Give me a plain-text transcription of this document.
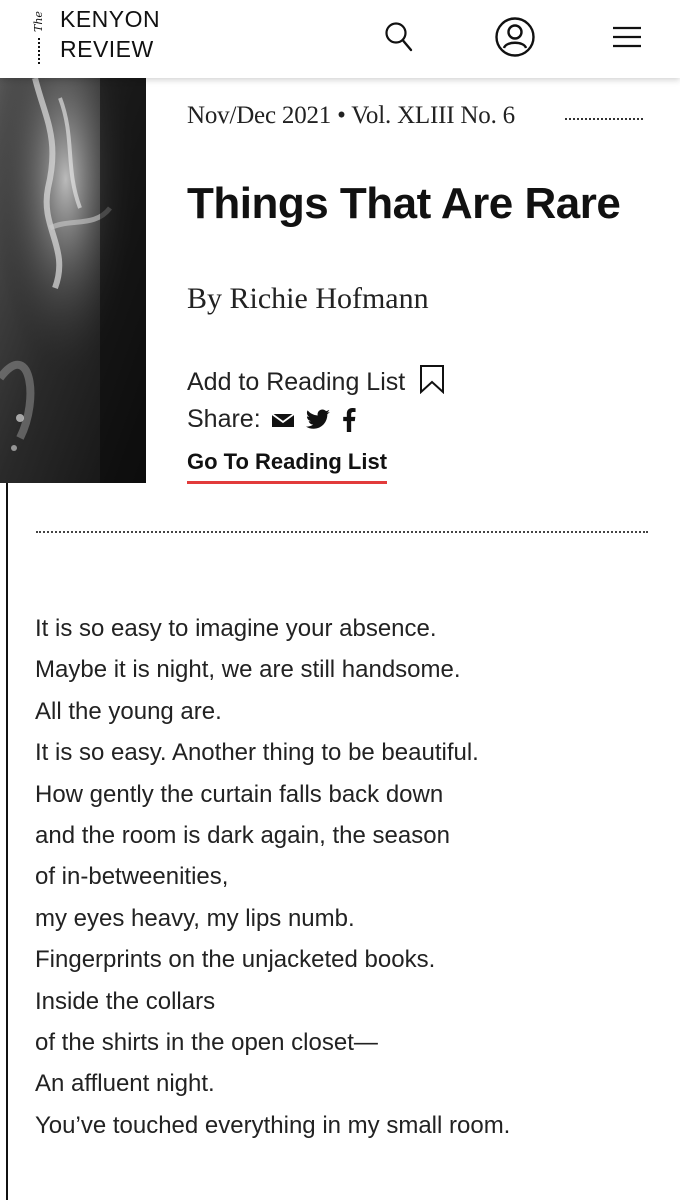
The KENYON
REVIEW
Nov/Dec 2021 • Vol. XLIII No. 6
Things That Are Rare
By Richie Hofmann
Add to Reading List
Share:
Go To Reading List
It is so easy to imagine your absence.
Maybe it is night, we are still handsome.
All the young are.
It is so easy. Another thing to be beautiful.
How gently the curtain falls back down
and the room is dark again, the season
of in-betweenities,
my eyes heavy, my lips numb.
Fingerprints on the unjacketed books.
Inside the collars
of the shirts in the open closet—
An affluent night.
You’ve touched everything in my small room.
